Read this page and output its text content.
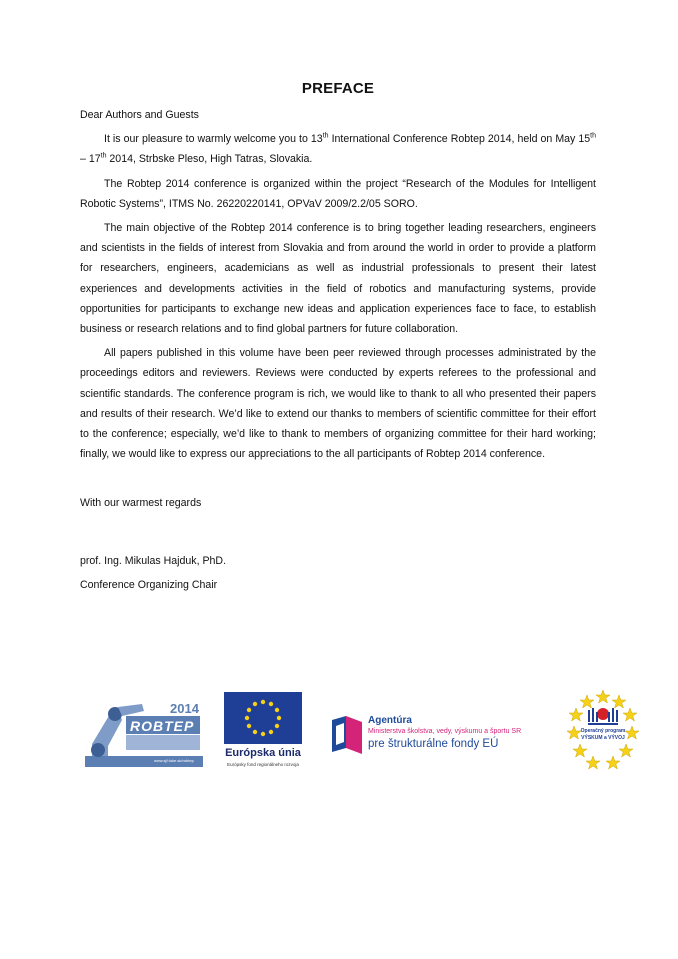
PREFACE

Dear Authors and Guests

It is our pleasure to warmly welcome you to 13th International Conference Robtep 2014, held on May 15th – 17th 2014, Strbske Pleso, High Tatras, Slovakia.

The Robtep 2014 conference is organized within the project “Research of the Modules for Intelligent Robotic Systems”, ITMS No. 26220220141, OPVaV 2009/2.2/05 SORO.

The main objective of the Robtep 2014 conference is to bring together leading researchers, engineers and scientists in the fields of interest from Slovakia and from around the world in order to provide a platform for researchers, engineers, academicians as well as industrial professionals to present their latest experiences and developments activities in the field of robotics and manufacturing systems, provide opportunities for participants to exchange new ideas and application experiences face to face, to establish business or research relations and to find global partners for future collaboration.

All papers published in this volume have been peer reviewed through processes administrated by the proceedings editors and reviewers. Reviews were conducted by experts referees to the professional and scientific standards. The conference program is rich, we would like to thank to all who presented their papers and results of their research. We’d like to extend our thanks to members of scientific committee for their effort to the conference; especially, we’d like to thank to members of organizing committee for their hard working; finally, we would like to express our appreciations to the all participants of Robtep 2014 conference.

With our warmest regards

prof. Ing. Mikulas Hajduk, PhD.

Conference Organizing Chair

2014
ROBTEP
www.sjf.tuke.sk/robtep
Európska únia
Európsky fond regionálneho rozvoja
Agentúra
Ministerstva školstva, vedy, výskumu a športu SR
pre štrukturálne fondy EÚ
Operačný program
VÝSKUM a VÝVOJ
